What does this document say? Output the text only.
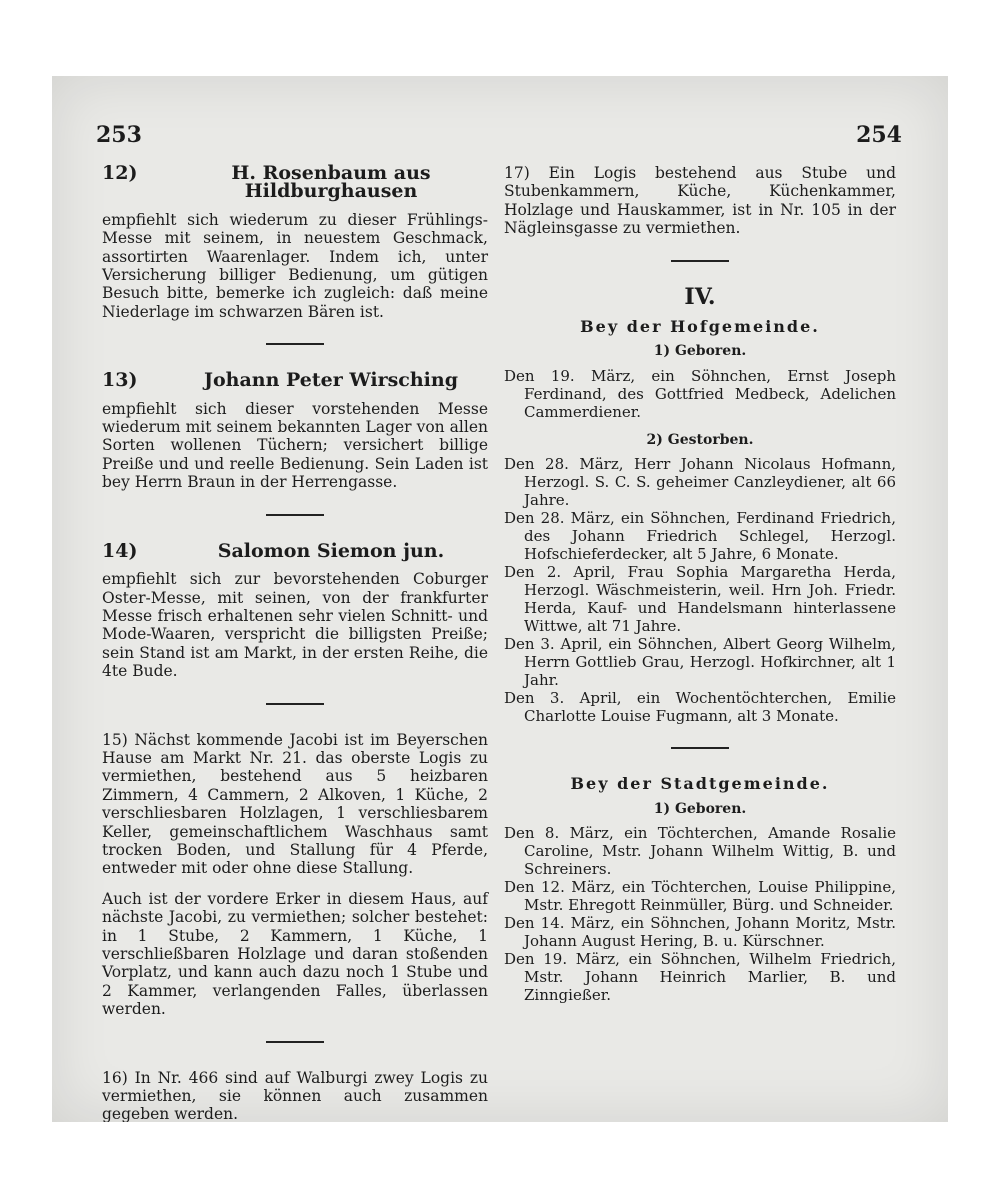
253	254
12)	H. Rosenbaum aus Hildburghausen

empfiehlt sich wiederum zu dieser Frühlings-Messe mit seinem, in neuestem Geschmack, assortirten Waarenlager. Indem ich, unter Versicherung billiger Bedienung, um gütigen Besuch bitte, bemerke ich zugleich: daß meine Niederlage im schwarzen Bären ist.

13)	Johann Peter Wirsching

empfiehlt sich dieser vorstehenden Messe wiederum mit seinem bekannten Lager von allen Sorten wollenen Tüchern; versichert billige Preiße und und reelle Bedienung. Sein Laden ist bey Herrn Braun in der Herrengasse.

14)	Salomon Siemon jun.

empfiehlt sich zur bevorstehenden Coburger Oster-Messe, mit seinen, von der frankfurter Messe frisch erhaltenen sehr vielen Schnitt- und Mode-Waaren, verspricht die billigsten Preiße; sein Stand ist am Markt, in der ersten Reihe, die 4te Bude.

15) Nächst kommende Jacobi ist im Beyerschen Hause am Markt Nr. 21. das oberste Logis zu vermiethen, bestehend aus 5 heizbaren Zimmern, 4 Cammern, 2 Alkoven, 1 Küche, 2 verschliesbaren Holzlagen, 1 verschliesbarem Keller, gemeinschaftlichem Waschhaus samt trocken Boden, und Stallung für 4 Pferde, entweder mit oder ohne diese Stallung.

Auch ist der vordere Erker in diesem Haus, auf nächste Jacobi, zu vermiethen; solcher bestehet: in 1 Stube, 2 Kammern, 1 Küche, 1 verschließbaren Holzlage und daran stoßenden Vorplatz, und kann auch dazu noch 1 Stube und 2 Kammer, verlangenden Falles, überlassen werden.

16) In Nr. 466 sind auf Walburgi zwey Logis zu vermiethen, sie können auch zusammen gegeben werden.

17) Ein Logis bestehend aus Stube und Stubenkammern, Küche, Küchenkammer, Holzlage und Hauskammer, ist in Nr. 105 in der Nägleinsgasse zu vermiethen.

IV.
Bey der Hofgemeinde.
1) Geboren.

Den 19. März, ein Söhnchen, Ernst Joseph Ferdinand, des Gottfried Medbeck, Adelichen Cammerdiener.

2) Gestorben.

Den 28. März, Herr Johann Nicolaus Hofmann, Herzogl. S. C. S. geheimer Canzleydiener, alt 66 Jahre.

Den 28. März, ein Söhnchen, Ferdinand Friedrich, des Johann Friedrich Schlegel, Herzogl. Hofschieferdecker, alt 5 Jahre, 6 Monate.

Den 2. April, Frau Sophia Margaretha Herda, Herzogl. Wäschmeisterin, weil. Hrn Joh. Friedr. Herda, Kauf- und Handelsmann hinterlassene Wittwe, alt 71 Jahre.

Den 3. April, ein Söhnchen, Albert Georg Wilhelm, Herrn Gottlieb Grau, Herzogl. Hofkirchner, alt 1 Jahr.

Den 3. April, ein Wochentöchterchen, Emilie Charlotte Louise Fugmann, alt 3 Monate.

Bey der Stadtgemeinde.
1) Geboren.

Den 8. März, ein Töchterchen, Amande Rosalie Caroline, Mstr. Johann Wilhelm Wittig, B. und Schreiners.

Den 12. März, ein Töchterchen, Louise Philippine, Mstr. Ehregott Reinmüller, Bürg. und Schneider.

Den 14. März, ein Söhnchen, Johann Moritz, Mstr. Johann August Hering, B. u. Kürschner.

Den 19. März, ein Söhnchen, Wilhelm Friedrich, Mstr. Johann Heinrich Marlier, B. und Zinngießer.
